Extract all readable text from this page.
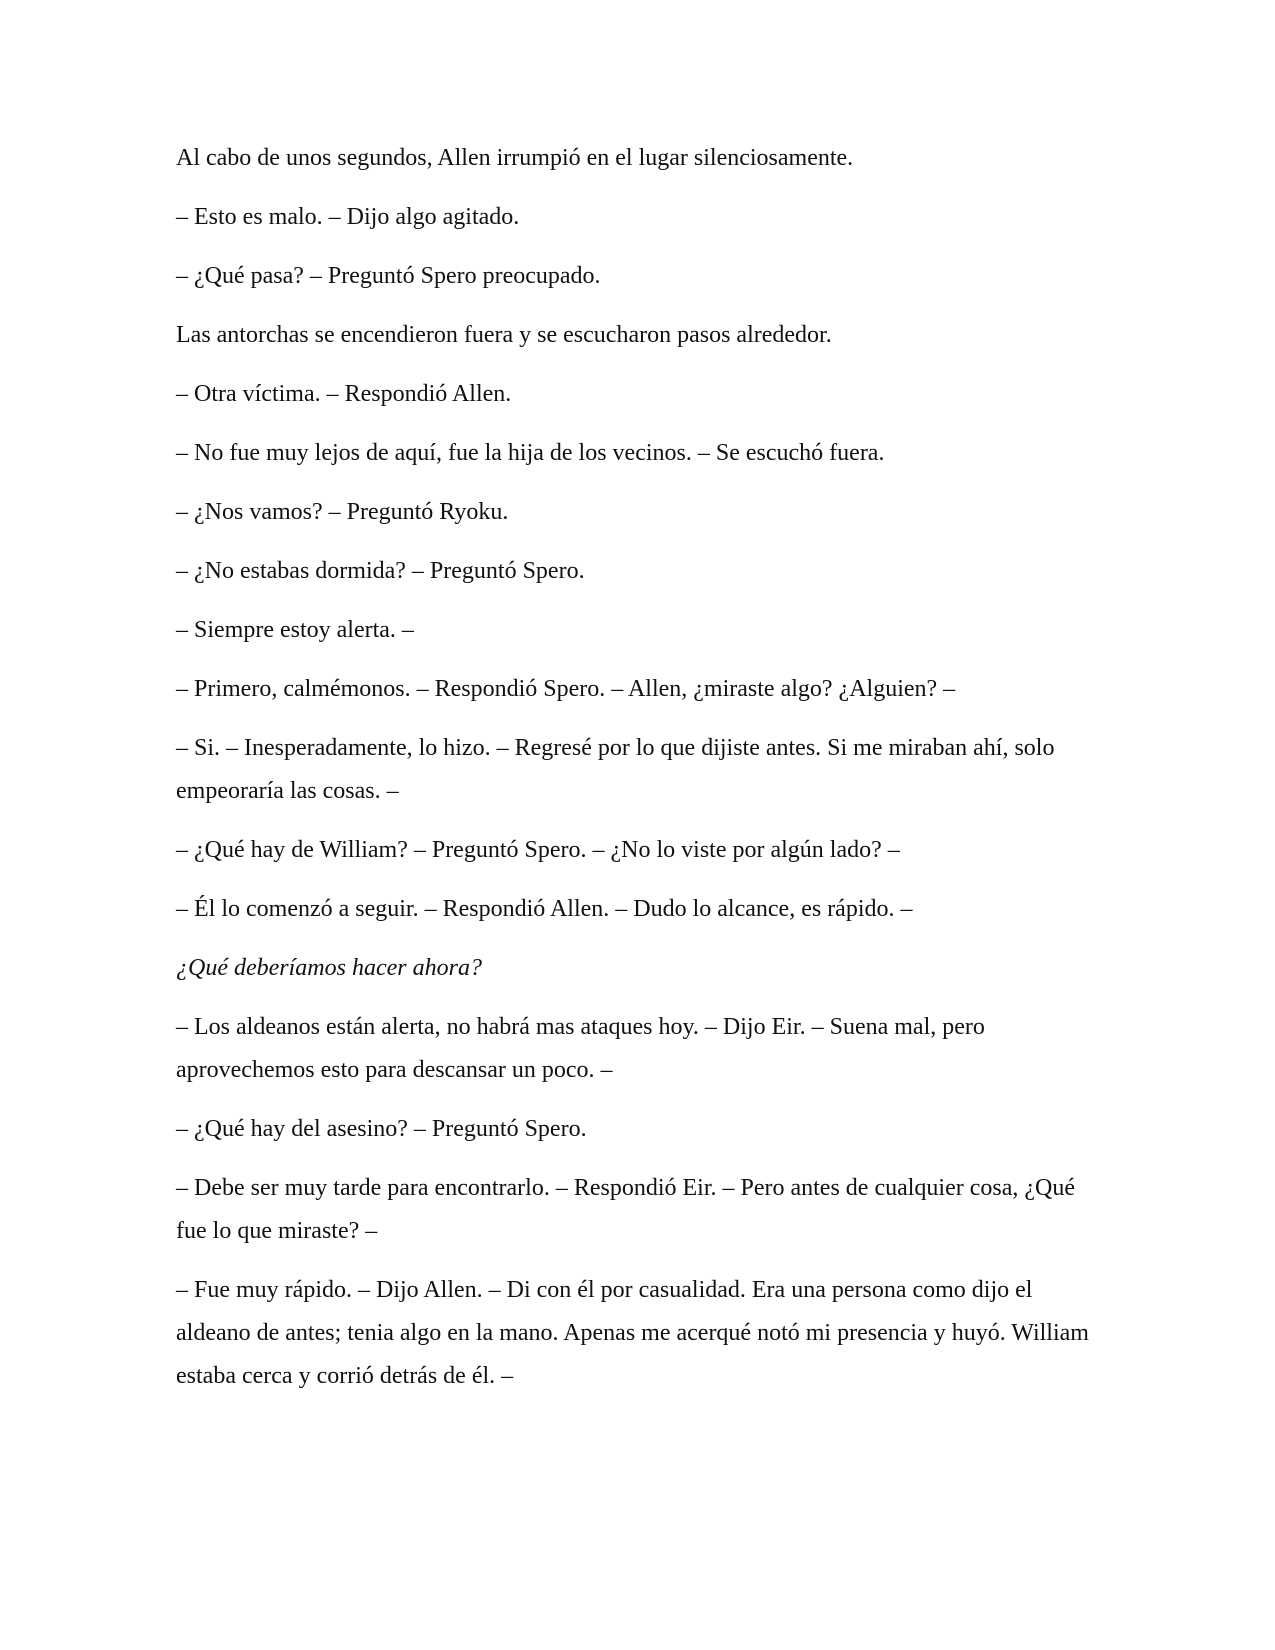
Al cabo de unos segundos, Allen irrumpió en el lugar silenciosamente.

– Esto es malo. – Dijo algo agitado.

– ¿Qué pasa? – Preguntó Spero preocupado.

Las antorchas se encendieron fuera y se escucharon pasos alrededor.

– Otra víctima. – Respondió Allen.

– No fue muy lejos de aquí, fue la hija de los vecinos. – Se escuchó fuera.

– ¿Nos vamos? – Preguntó Ryoku.

– ¿No estabas dormida? – Preguntó Spero.

– Siempre estoy alerta. –

– Primero, calmémonos. – Respondió Spero. – Allen, ¿miraste algo? ¿Alguien? –

– Si. – Inesperadamente, lo hizo. – Regresé por lo que dijiste antes. Si me miraban ahí, solo empeoraría las cosas. –

– ¿Qué hay de William? – Preguntó Spero. – ¿No lo viste por algún lado? –

– Él lo comenzó a seguir. – Respondió Allen. – Dudo lo alcance, es rápido. –

¿Qué deberíamos hacer ahora?

– Los aldeanos están alerta, no habrá mas ataques hoy. – Dijo Eir. – Suena mal, pero aprovechemos esto para descansar un poco. –

– ¿Qué hay del asesino? – Preguntó Spero.

– Debe ser muy tarde para encontrarlo. – Respondió Eir. – Pero antes de cualquier cosa, ¿Qué fue lo que miraste? –

– Fue muy rápido. – Dijo Allen. – Di con él por casualidad. Era una persona como dijo el aldeano de antes; tenia algo en la mano. Apenas me acerqué notó mi presencia y huyó. William estaba cerca y corrió detrás de él. –
